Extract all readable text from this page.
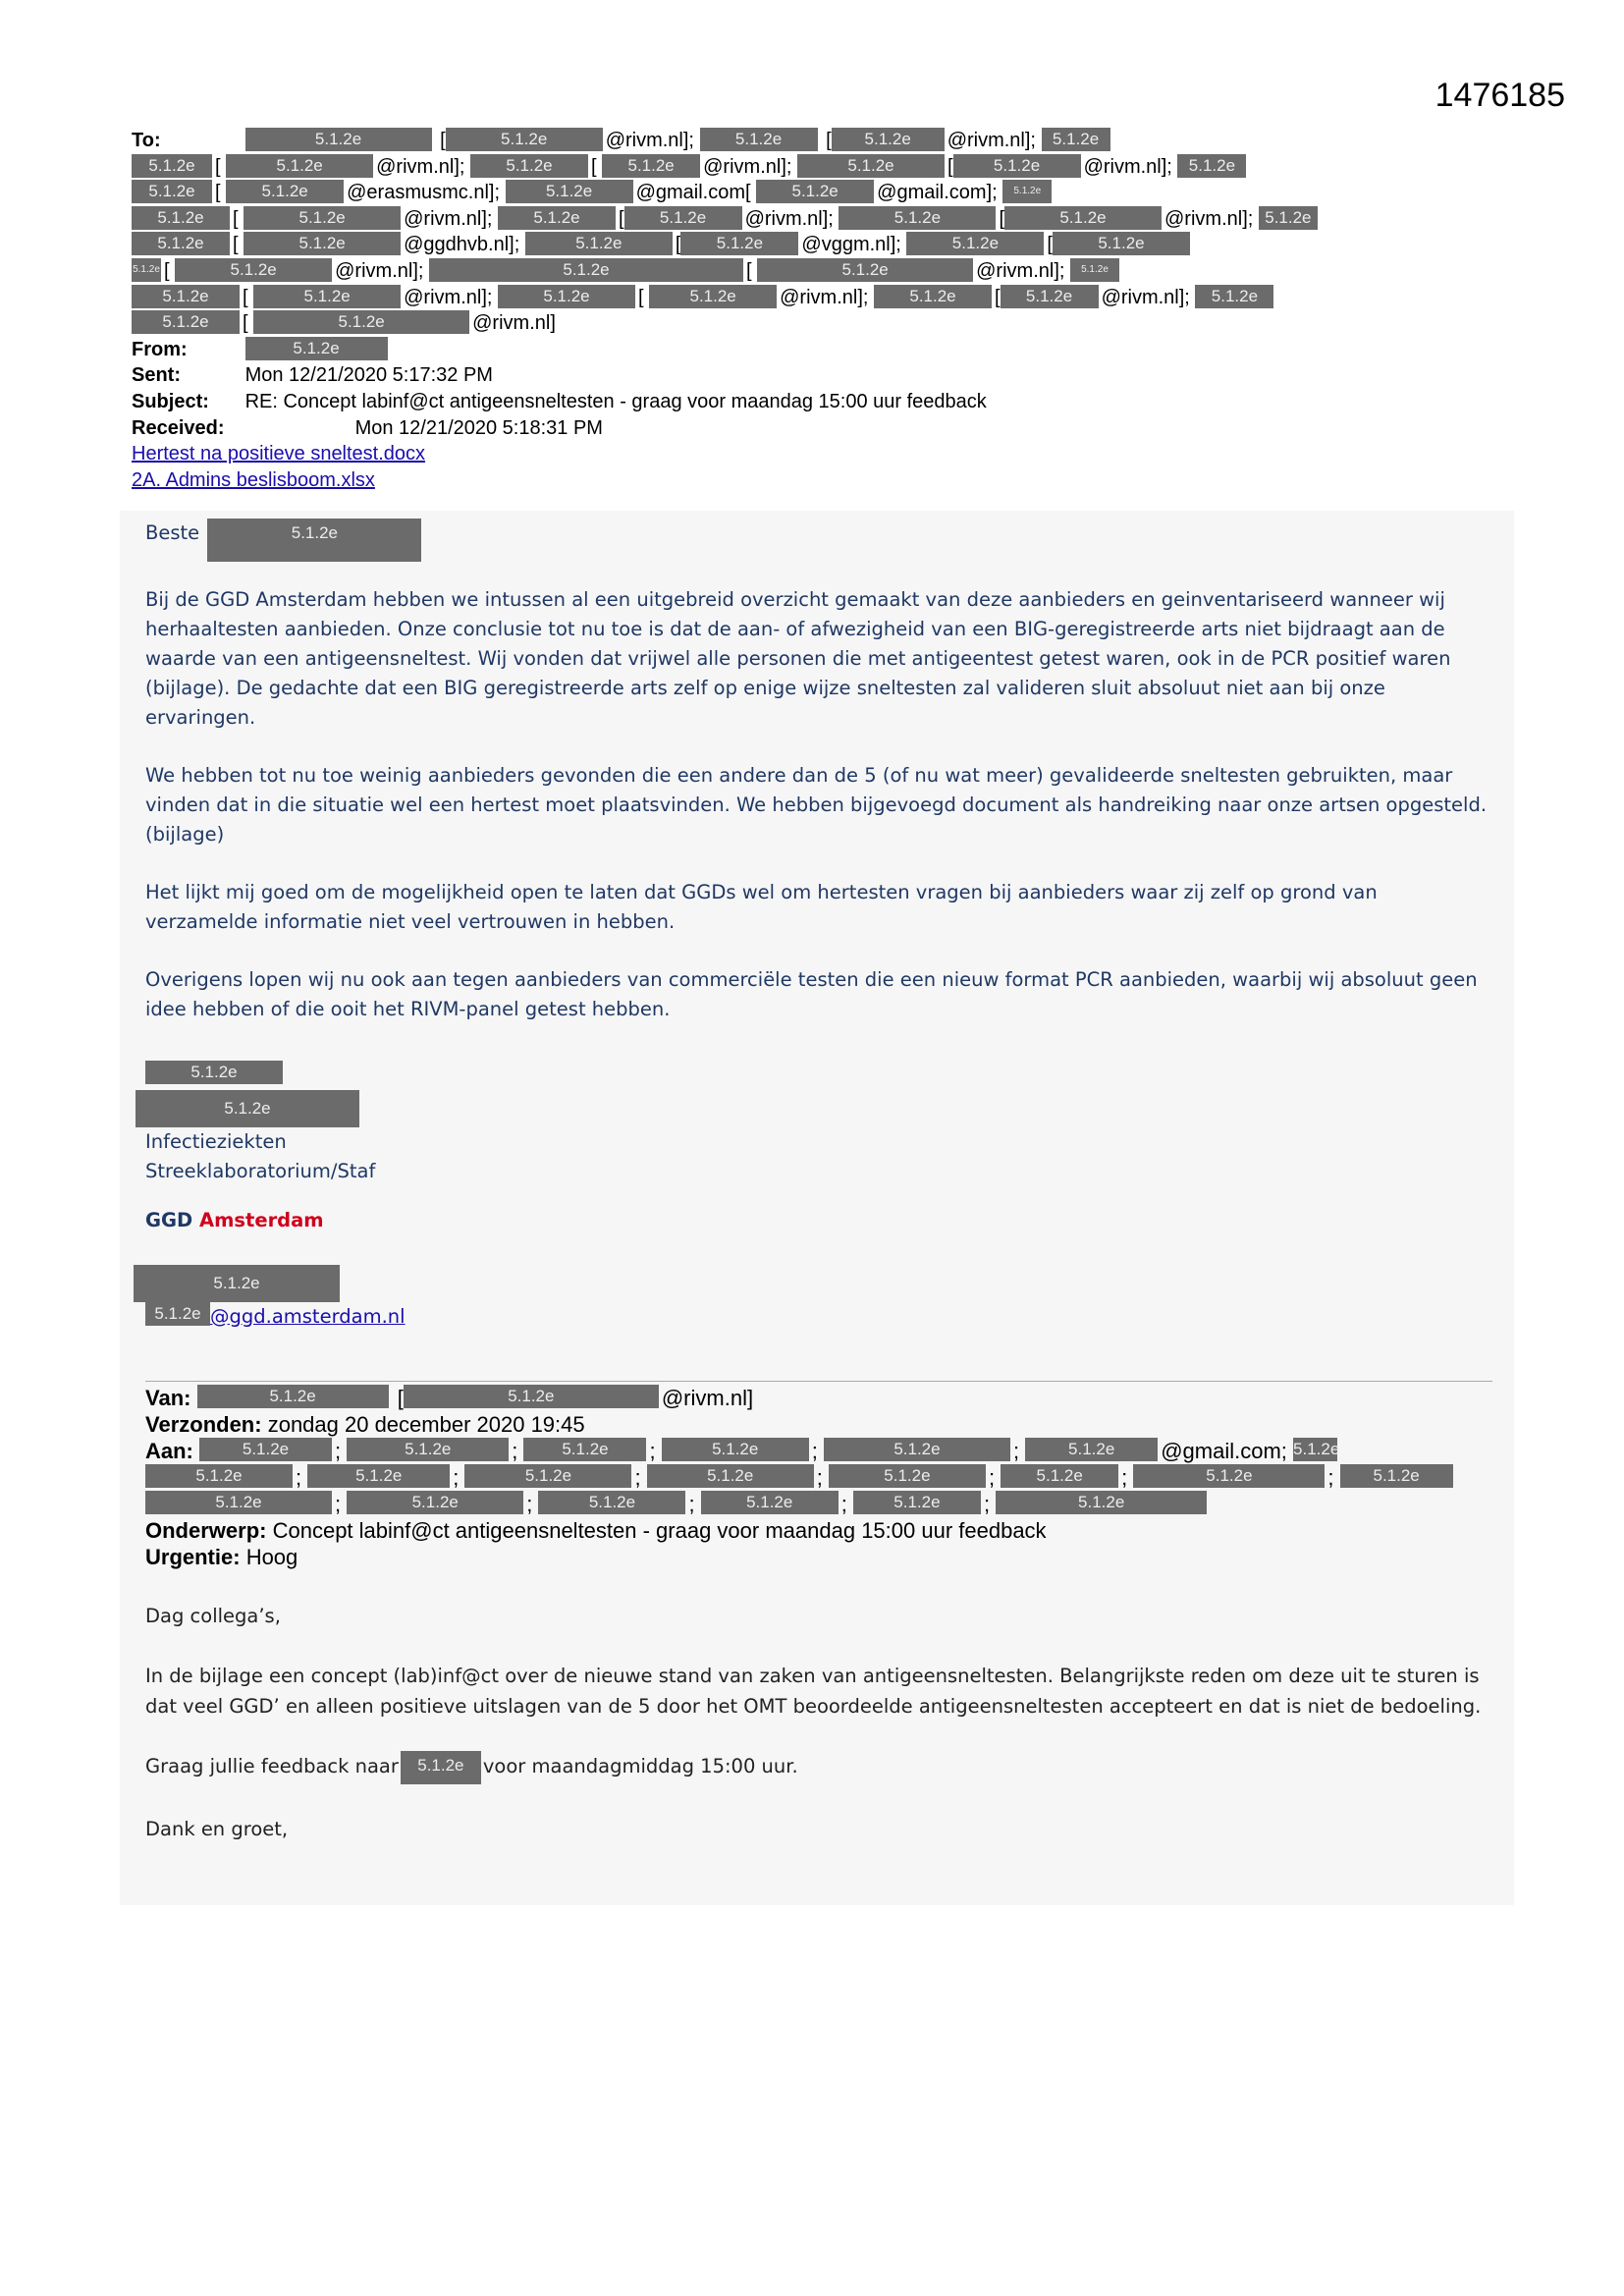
1476185
To:	5.1.2e	[	5.1.2e	@rivm.nl]; 5.1.2e [ 5.1.2e @rivm.nl]; 5.1.2e
5.1.2e [	5.1.2e	@rivm.nl]; 5.1.2e [ 5.1.2e @rivm.nl];	5.1.2e	[ 5.1.2e @rivm.nl]; 5.1.2e
5.1.2e [ 5.1.2e @erasmusmc.nl];	5.1.2e @gmail.com[ 5.1.2e @gmail.com]; 5.1.2e
5.1.2e [	5.1.2e	@rivm.nl]; 5.1.2e [ 5.1.2e @rivm.nl];	5.1.2e	[	5.1.2e	@rivm.nl]; 5.1.2e
5.1.2e [	5.1.2e	@ggdhvb.nl];	5.1.2e	[ 5.1.2e @vggm.nl];	5.1.2e [	5.1.2e
5.1.2e [	5.1.2e	@rivm.nl];	5.1.2e	[	5.1.2e	@rivm.nl]; 5.1.2e
5.1.2e [	5.1.2e	@rivm.nl];	5.1.2e [	5.1.2e @rivm.nl]; 5.1.2e [ 5.1.2e @rivm.nl]; 5.1.2e
5.1.2e [	5.1.2e	@rivm.nl]
From:	5.1.2e
Sent:	Mon 12/21/2020 5:17:32 PM
Subject: RE: Concept labinf@ct antigeensneltesten - graag voor maandag 15:00 uur feedback
Received:	Mon 12/21/2020 5:18:31 PM
Hertest na positieve sneltest.docx
2A. Admins beslisboom.xlsx
Beste	5.1.2e

Bij de GGD Amsterdam hebben we intussen al een uitgebreid overzicht gemaakt van deze aanbieders en geinventariseerd wanneer wij herhaaltesten aanbieden. Onze conclusie tot nu toe is dat de aan- of afwezigheid van een BIG-geregistreerde arts niet bijdraagt aan de waarde van een antigeensneltest. Wij vonden dat vrijwel alle personen die met antigeentest getest waren, ook in de PCR positief waren (bijlage). De gedachte dat een BIG geregistreerde arts zelf op enige wijze sneltesten zal valideren sluit absoluut niet aan bij onze ervaringen.

We hebben tot nu toe weinig aanbieders gevonden die een andere dan de 5 (of nu wat meer) gevalideerde sneltesten gebruikten, maar vinden dat in die situatie wel een hertest moet plaatsvinden. We hebben bijgevoegd document als handreiking naar onze artsen opgesteld. (bijlage)

Het lijkt mij goed om de mogelijkheid open te laten dat GGDs wel om hertesten vragen bij aanbieders waar zij zelf op grond van verzamelde informatie niet veel vertrouwen in hebben.

Overigens lopen wij nu ook aan tegen aanbieders van commerciële testen die een nieuw format PCR aanbieden, waarbij wij absoluut geen idee hebben of die ooit het RIVM-panel getest hebben.

5.1.2e
5.1.2e
Infectieziekten
Streeklaboratorium/Staf
GGD Amsterdam
5.1.2e
5.1.2e @ggd.amsterdam.nl
Van:	5.1.2e	[	5.1.2e	@rivm.nl]
Verzonden: zondag 20 december 2020 19:45
Aan:	5.1.2e ;	5.1.2e	; 5.1.2e ;	5.1.2e ;	5.1.2e	;	5.1.2e @gmail.com; 5.1.2e
5.1.2e ;	5.1.2e ;	5.1.2e	;	5.1.2e	;	5.1.2e	; 5.1.2e ;	5.1.2e	; 5.1.2e
5.1.2e	;	5.1.2e	;	5.1.2e ;	5.1.2e ; 5.1.2e ;	5.1.2e
Onderwerp: Concept labinf@ct antigeensneltesten - graag voor maandag 15:00 uur feedback
Urgentie: Hoog

Dag collega’s,

In de bijlage een concept (lab)inf@ct over de nieuwe stand van zaken van antigeensneltesten. Belangrijkste reden om deze uit te sturen is dat veel GGD’ en alleen positieve uitslagen van de 5 door het OMT beoordeelde antigeensneltesten accepteert en dat is niet de bedoeling.

Graag jullie feedback naar 5.1.2e voor maandagmiddag 15:00 uur.

Dank en groet,
